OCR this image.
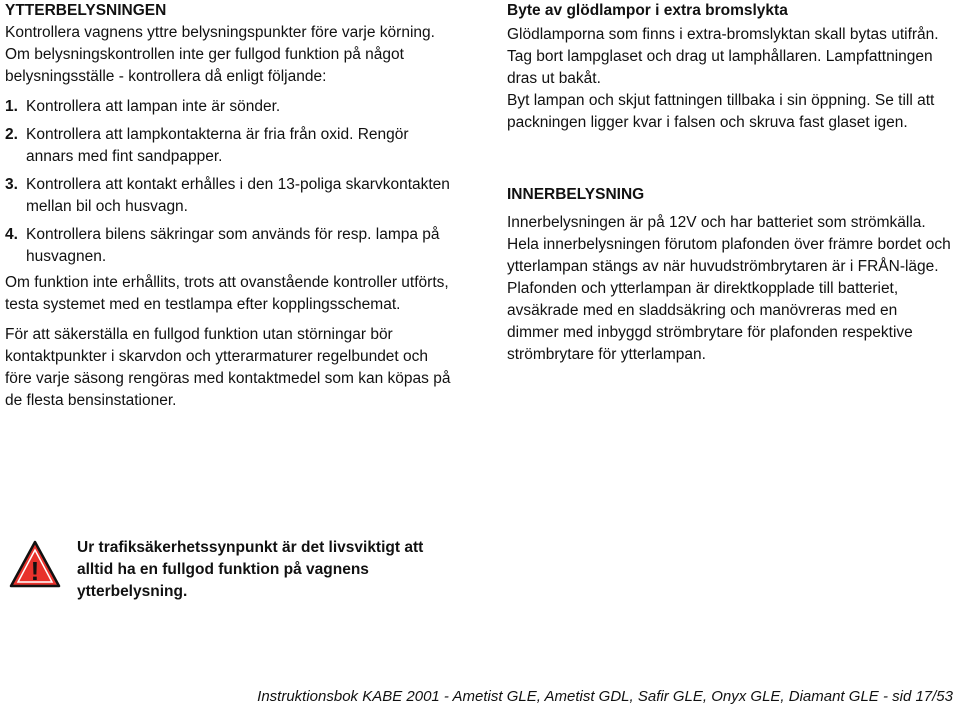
YTTERBELYSNINGEN

Kontrollera vagnens yttre belysningspunkter före varje körning. Om belysningskontrollen inte ger fullgod funktion på något belysningsställe - kontrollera då enligt följande:

1. Kontrollera att lampan inte är sönder.
2. Kontrollera att lampkontakterna är fria från oxid. Rengör annars med fint sandpapper.
3. Kontrollera att kontakt erhålles i den 13-poliga skarvkontakten mellan bil och husvagn.
4. Kontrollera bilens säkringar som används för resp. lampa på husvagnen.

Om funktion inte erhållits, trots att ovanstående kontroller utförts, testa systemet med en testlampa efter kopplingsschemat.

För att säkerställa en fullgod funktion utan störningar bör kontaktpunkter i skarvdon och ytterarmaturer regelbundet och före varje säsong rengöras med kontaktmedel som kan köpas på de flesta bensinstationer.

Byte av glödlampor i extra bromslykta

Glödlamporna som finns i extra-bromslyktan skall bytas utifrån. Tag bort lampglaset och drag ut lamphållaren. Lampfattningen dras ut bakåt.

Byt lampan och skjut fattningen tillbaka i sin öppning. Se till att packningen ligger kvar i falsen och skruva fast glaset igen.

INNERBELYSNING

Innerbelysningen är på 12V och har batteriet som strömkälla. Hela innerbelysningen förutom plafonden över främre bordet och ytterlampan stängs av när huvudströmbrytaren är i FRÅN-läge. Plafonden och ytterlampan är direktkopplade till batteriet, avsäkrade med en sladdsäkring och manövreras med en dimmer med inbyggd strömbrytare för plafonden respektive strömbrytare för ytterlampan.

!
Ur trafiksäkerhetssynpunkt är det livsviktigt att alltid ha en fullgod funktion på vagnens ytterbelysning.
Instruktionsbok KABE 2001 - Ametist GLE, Ametist GDL, Safir GLE, Onyx GLE, Diamant GLE - sid 17/53
